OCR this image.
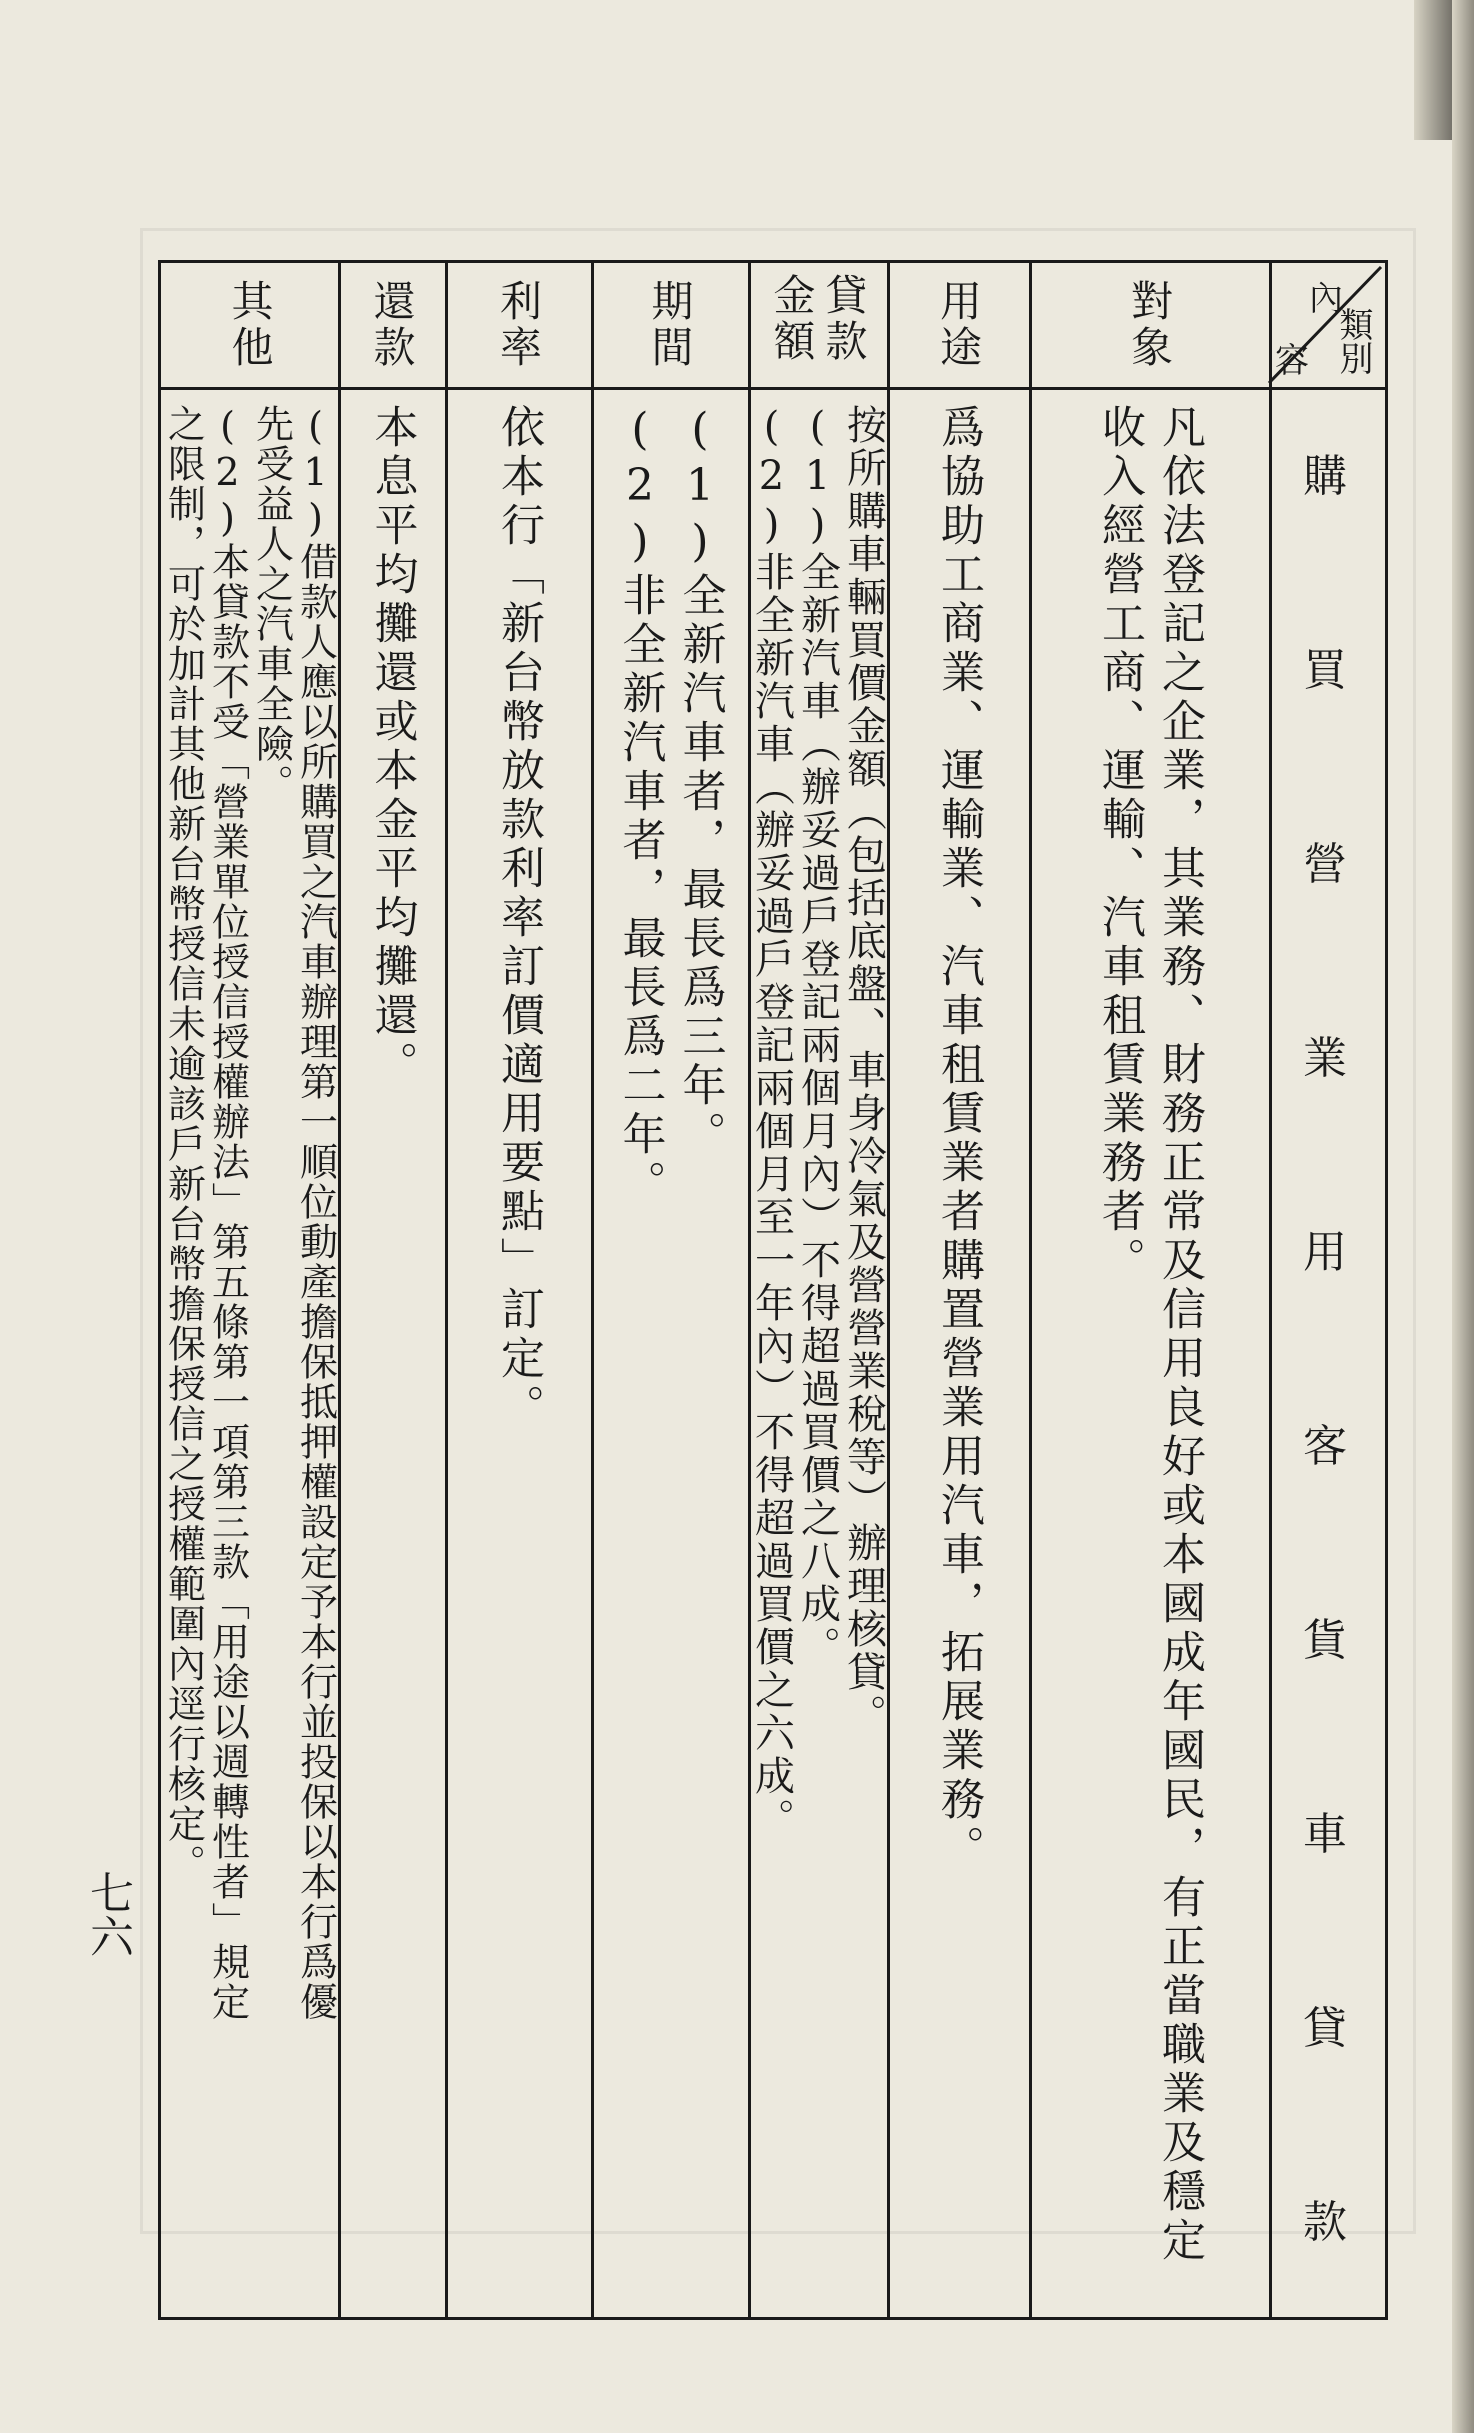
內
類別
容
購
買
營
業
用
客
貨
車
貸
款
對象
用途
貸款金額
期間
利率
還款
其他
凡依法登記之企業，其業務、財務正常及信用良好或本國成年國民，有正當職業及穩定
收入經營工商、運輸、汽車租賃業務者。
爲協助工商業、運輸業、汽車租賃業者購置營業用汽車，拓展業務。
按所購車輛買價金額（包括底盤、車身冷氣及營營業稅等）辦理核貸。
(1)全新汽車（辦妥過戶登記兩個月內）不得超過買價之八成。
(2)非全新汽車（辦妥過戶登記兩個月至一年內）不得超過買價之六成。
(1)全新汽車者，最長爲三年。
(2)非全新汽車者，最長爲二年。
依本行「新台幣放款利率訂價適用要點」訂定。
本息平均攤還或本金平均攤還。
(1)借款人應以所購買之汽車辦理第一順位動產擔保抵押權設定予本行並投保以本行爲優
先受益人之汽車全險。
(2)本貸款不受「營業單位授信授權辦法」第五條第一項第三款「用途以週轉性者」規定
之限制，可於加計其他新台幣授信未逾該戶新台幣擔保授信之授權範圍內逕行核定。
七六
